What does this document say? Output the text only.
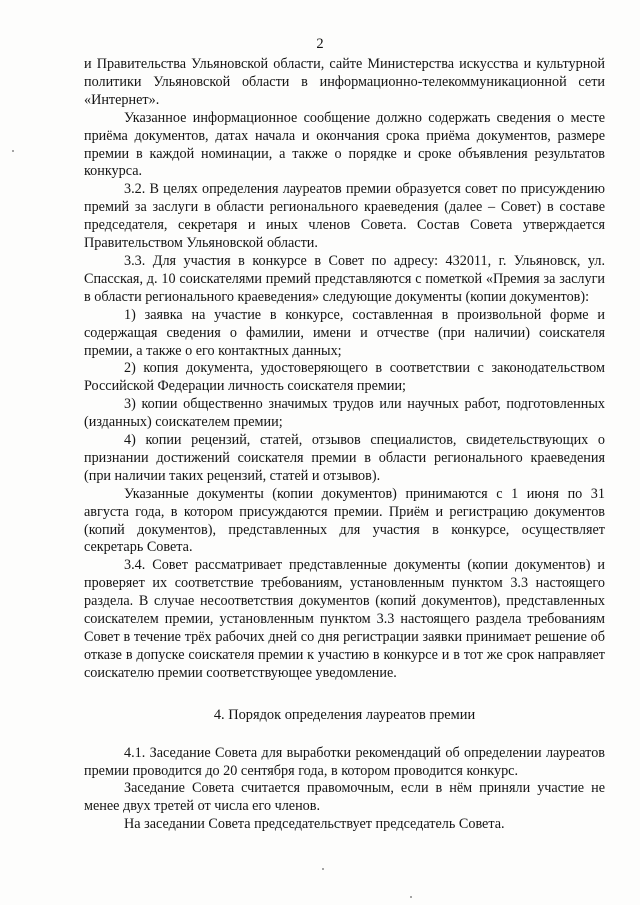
2

и Правительства Ульяновской области, сайте Министерства искусства и культурной политики Ульяновской области в информационно-телекоммуникационной сети «Интернет».

Указанное информационное сообщение должно содержать сведения о месте приёма документов, датах начала и окончания срока приёма документов, размере премии в каждой номинации, а также о порядке и сроке объявления результатов конкурса.

3.2. В целях определения лауреатов премии образуется совет по присуждению премий за заслуги в области регионального краеведения (далее – Совет) в составе председателя, секретаря и иных членов Совета. Состав Совета утверждается Правительством Ульяновской области.

3.3. Для участия в конкурсе в Совет по адресу: 432011, г. Ульяновск, ул. Спасская, д. 10 соискателями премий представляются с пометкой «Премия за заслуги в области регионального краеведения» следующие документы (копии документов):

1) заявка на участие в конкурсе, составленная в произвольной форме и содержащая сведения о фамилии, имени и отчестве (при наличии) соискателя премии, а также о его контактных данных;

2) копия документа, удостоверяющего в соответствии с законодательством Российской Федерации личность соискателя премии;

3) копии общественно значимых трудов или научных работ, подготовленных (изданных) соискателем премии;

4) копии рецензий, статей, отзывов специалистов, свидетельствующих о признании достижений соискателя премии в области регионального краеведения (при наличии таких рецензий, статей и отзывов).

Указанные документы (копии документов) принимаются с 1 июня по 31 августа года, в котором присуждаются премии. Приём и регистрацию документов (копий документов), представленных для участия в конкурсе, осуществляет секретарь Совета.

3.4. Совет рассматривает представленные документы (копии документов) и проверяет их соответствие требованиям, установленным пунктом 3.3 настоящего раздела. В случае несоответствия документов (копий документов), представленных соискателем премии, установленным пунктом 3.3 настоящего раздела требованиям Совет в течение трёх рабочих дней со дня регистрации заявки принимает решение об отказе в допуске соискателя премии к участию в конкурсе и в тот же срок направляет соискателю премии соответствующее уведомление.

4. Порядок определения лауреатов премии

4.1. Заседание Совета для выработки рекомендаций об определении лауреатов премии проводится до 20 сентября года, в котором проводится конкурс.

Заседание Совета считается правомочным, если в нём приняли участие не менее двух третей от числа его членов.

На заседании Совета председательствует председатель Совета.
